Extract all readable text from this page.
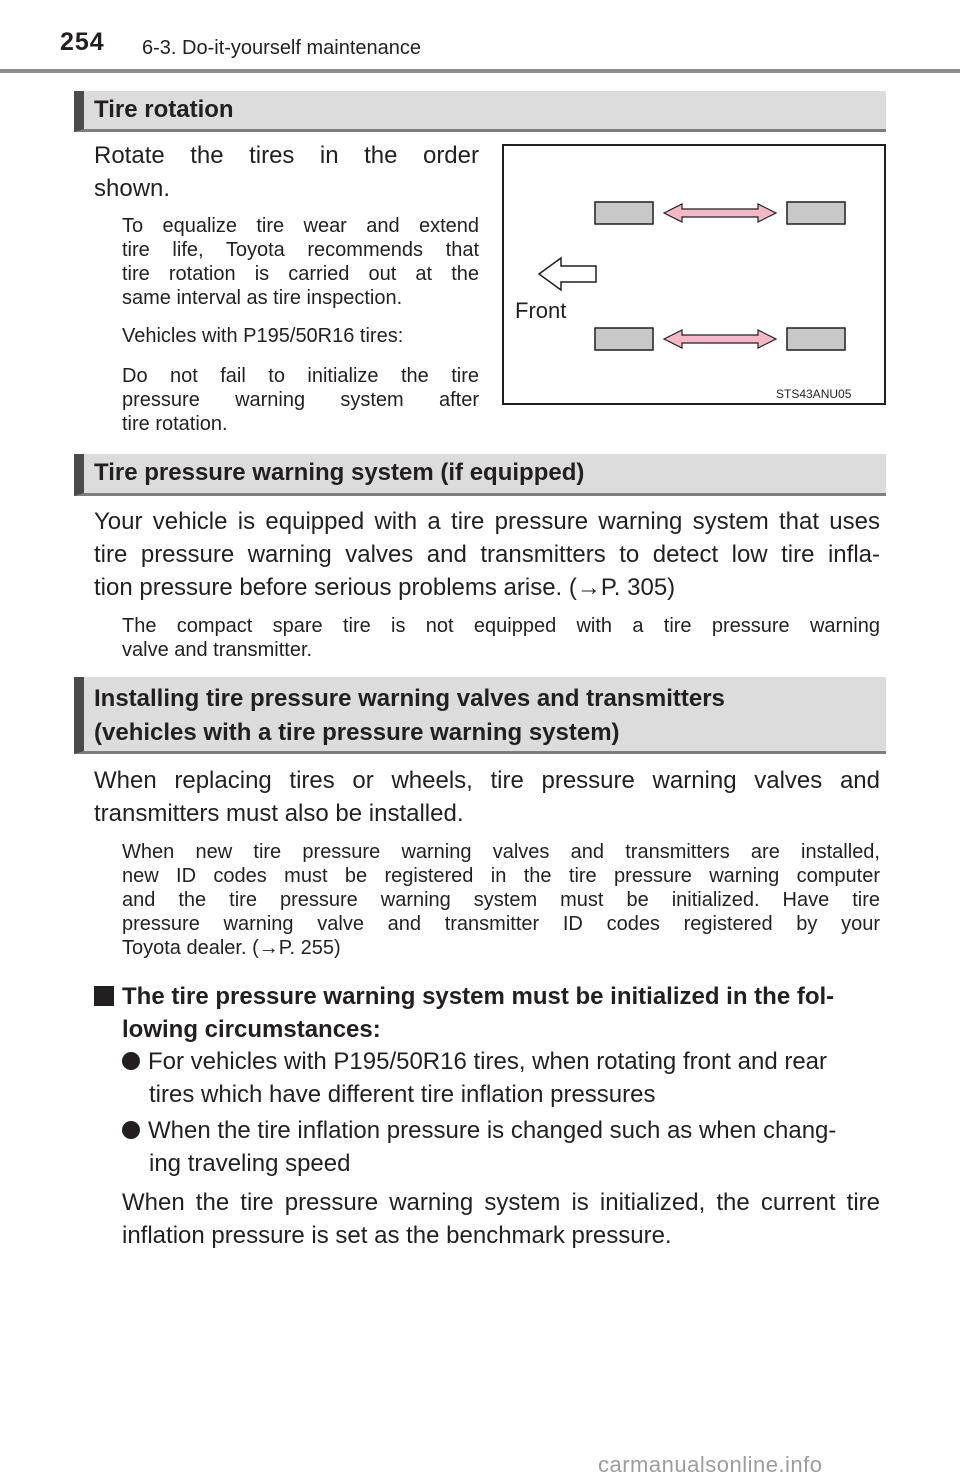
254 6-3. Do-it-yourself maintenance
Tire rotation
Rotate the tires in the order
shown.
To equalize tire wear and extend
tire life, Toyota recommends that
tire rotation is carried out at the
same interval as tire inspection.
Vehicles with P195/50R16 tires:
Do not fail to initialize the tire
pressure warning system after
tire rotation.
Front
STS43ANU05
Tire pressure warning system (if equipped)
Your vehicle is equipped with a tire pressure warning system that uses
tire pressure warning valves and transmitters to detect low tire infla-
tion pressure before serious problems arise. (→P. 305)
The compact spare tire is not equipped with a tire pressure warning
valve and transmitter.
Installing tire pressure warning valves and transmitters
(vehicles with a tire pressure warning system)
When replacing tires or wheels, tire pressure warning valves and
transmitters must also be installed.
When new tire pressure warning valves and transmitters are installed,
new ID codes must be registered in the tire pressure warning computer
and the tire pressure warning system must be initialized. Have tire
pressure warning valve and transmitter ID codes registered by your
Toyota dealer. (→P. 255)
The tire pressure warning system must be initialized in the fol-
lowing circumstances:
For vehicles with P195/50R16 tires, when rotating front and rear
tires which have different tire inflation pressures
When the tire inflation pressure is changed such as when chang-
ing traveling speed
When the tire pressure warning system is initialized, the current tire
inflation pressure is set as the benchmark pressure.
carmanualsonline.info
